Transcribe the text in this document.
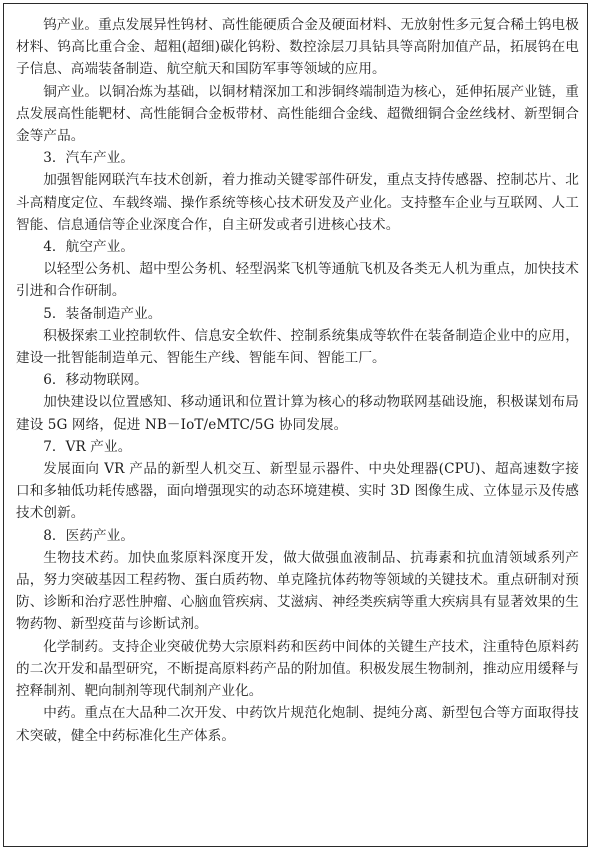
钨产业。重点发展异性钨材、高性能硬质合金及硬面材料、无放射性多元复合稀土钨电极材料、钨高比重合金、超粗(超细)碳化钨粉、数控涂层刀具钻具等高附加值产品，拓展钨在电子信息、高端装备制造、航空航天和国防军事等领域的应用。

铜产业。以铜冶炼为基础，以铜材精深加工和涉铜终端制造为核心，延伸拓展产业链，重点发展高性能靶材、高性能铜合金板带材、高性能细合金线、超微细铜合金丝线材、新型铜合金等产品。

3．汽车产业。

加强智能网联汽车技术创新，着力推动关键零部件研发，重点支持传感器、控制芯片、北斗高精度定位、车载终端、操作系统等核心技术研发及产业化。支持整车企业与互联网、人工智能、信息通信等企业深度合作，自主研发或者引进核心技术。

4．航空产业。

以轻型公务机、超中型公务机、轻型涡桨飞机等通航飞机及各类无人机为重点，加快技术引进和合作研制。

5．装备制造产业。

积极探索工业控制软件、信息安全软件、控制系统集成等软件在装备制造企业中的应用，建设一批智能制造单元、智能生产线、智能车间、智能工厂。

6．移动物联网。

加快建设以位置感知、移动通讯和位置计算为核心的移动物联网基础设施，积极谋划布局建设 5G 网络，促进 NB－IoT/eMTC/5G 协同发展。

7．VR 产业。

发展面向 VR 产品的新型人机交互、新型显示器件、中央处理器(CPU)、超高速数字接口和多轴低功耗传感器，面向增强现实的动态环境建模、实时 3D 图像生成、立体显示及传感技术创新。

8．医药产业。

生物技术药。加快血浆原料深度开发，做大做强血液制品、抗毒素和抗血清领域系列产品，努力突破基因工程药物、蛋白质药物、单克隆抗体药物等领域的关键技术。重点研制对预防、诊断和治疗恶性肿瘤、心脑血管疾病、艾滋病、神经类疾病等重大疾病具有显著效果的生物药物、新型疫苗与诊断试剂。

化学制药。支持企业突破优势大宗原料药和医药中间体的关键生产技术，注重特色原料药的二次开发和晶型研究，不断提高原料药产品的附加值。积极发展生物制剂，推动应用缓释与控释制剂、靶向制剂等现代制剂产业化。

中药。重点在大品种二次开发、中药饮片规范化炮制、提纯分离、新型包合等方面取得技术突破，健全中药标准化生产体系。
